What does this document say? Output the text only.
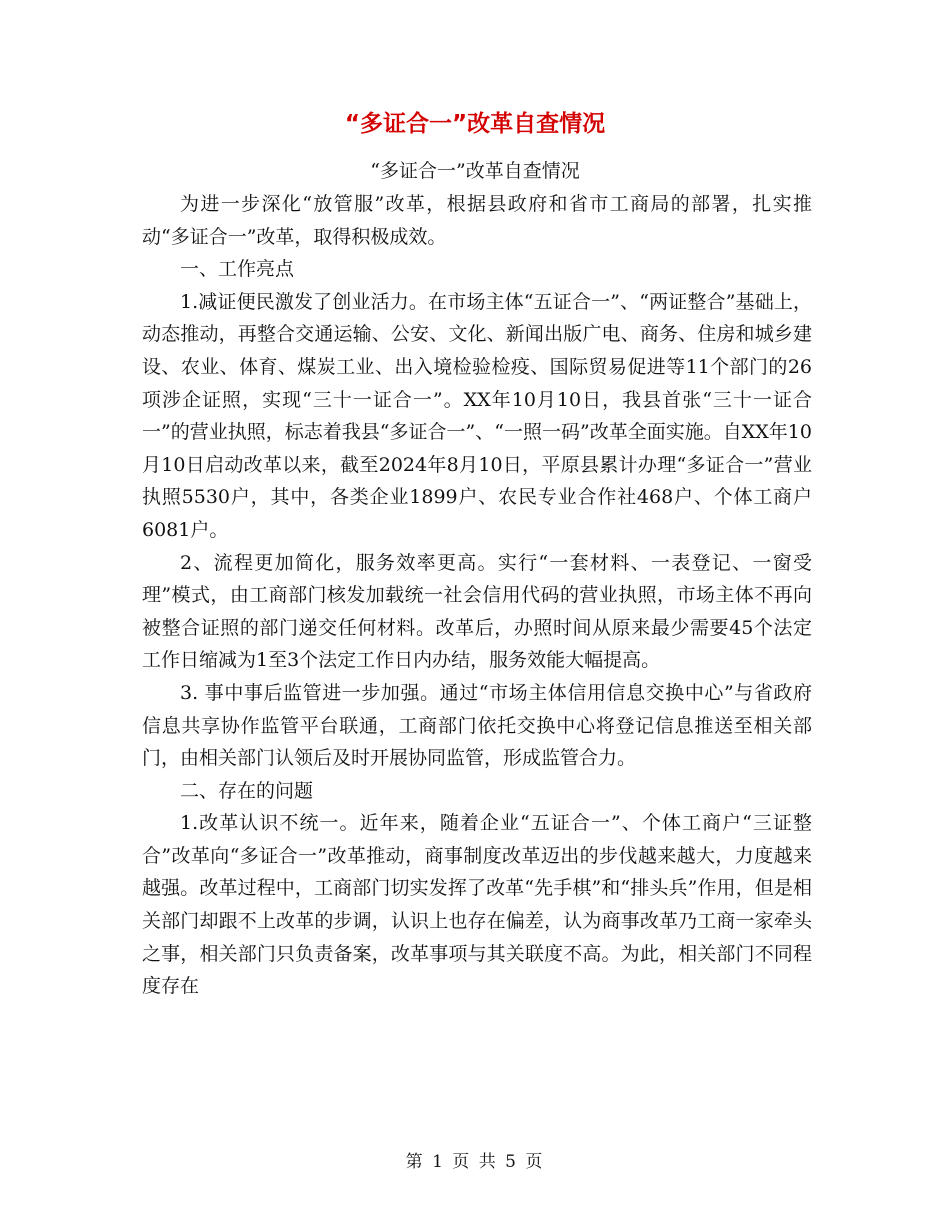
“多证合一”改革自查情况
“多证合一”改革自查情况

为进一步深化“放管服”改革，根据县政府和省市工商局的部署，扎实推动“多证合一”改革，取得积极成效。

一、工作亮点

1.减证便民激发了创业活力。在市场主体“五证合一”、“两证整合”基础上，动态推动，再整合交通运输、公安、文化、新闻出版广电、商务、住房和城乡建设、农业、体育、煤炭工业、出入境检验检疫、国际贸易促进等11个部门的26项涉企证照，实现“三十一证合一”。XX年10月10日，我县首张“三十一证合一”的营业执照，标志着我县“多证合一”、“一照一码”改革全面实施。自XX年10月10日启动改革以来，截至2024年8月10日，平原县累计办理“多证合一”营业执照5530户，其中，各类企业1899户、农民专业合作社468户、个体工商户6081户。

2、流程更加简化，服务效率更高。实行“一套材料、一表登记、一窗受理”模式，由工商部门核发加载统一社会信用代码的营业执照，市场主体不再向被整合证照的部门递交任何材料。改革后，办照时间从原来最少需要45个法定工作日缩减为1至3个法定工作日内办结，服务效能大幅提高。

3. 事中事后监管进一步加强。通过“市场主体信用信息交换中心”与省政府信息共享协作监管平台联通，工商部门依托交换中心将登记信息推送至相关部门，由相关部门认领后及时开展协同监管，形成监管合力。

二、存在的问题

1.改革认识不统一。近年来，随着企业“五证合一”、个体工商户“三证整合”改革向“多证合一”改革推动，商事制度改革迈出的步伐越来越大，力度越来越强。改革过程中，工商部门切实发挥了改革“先手棋”和“排头兵”作用，但是相关部门却跟不上改革的步调，认识上也存在偏差，认为商事改革乃工商一家牵头之事，相关部门只负责备案，改革事项与其关联度不高。为此，相关部门不同程度存在

第 1 页 共 5 页
